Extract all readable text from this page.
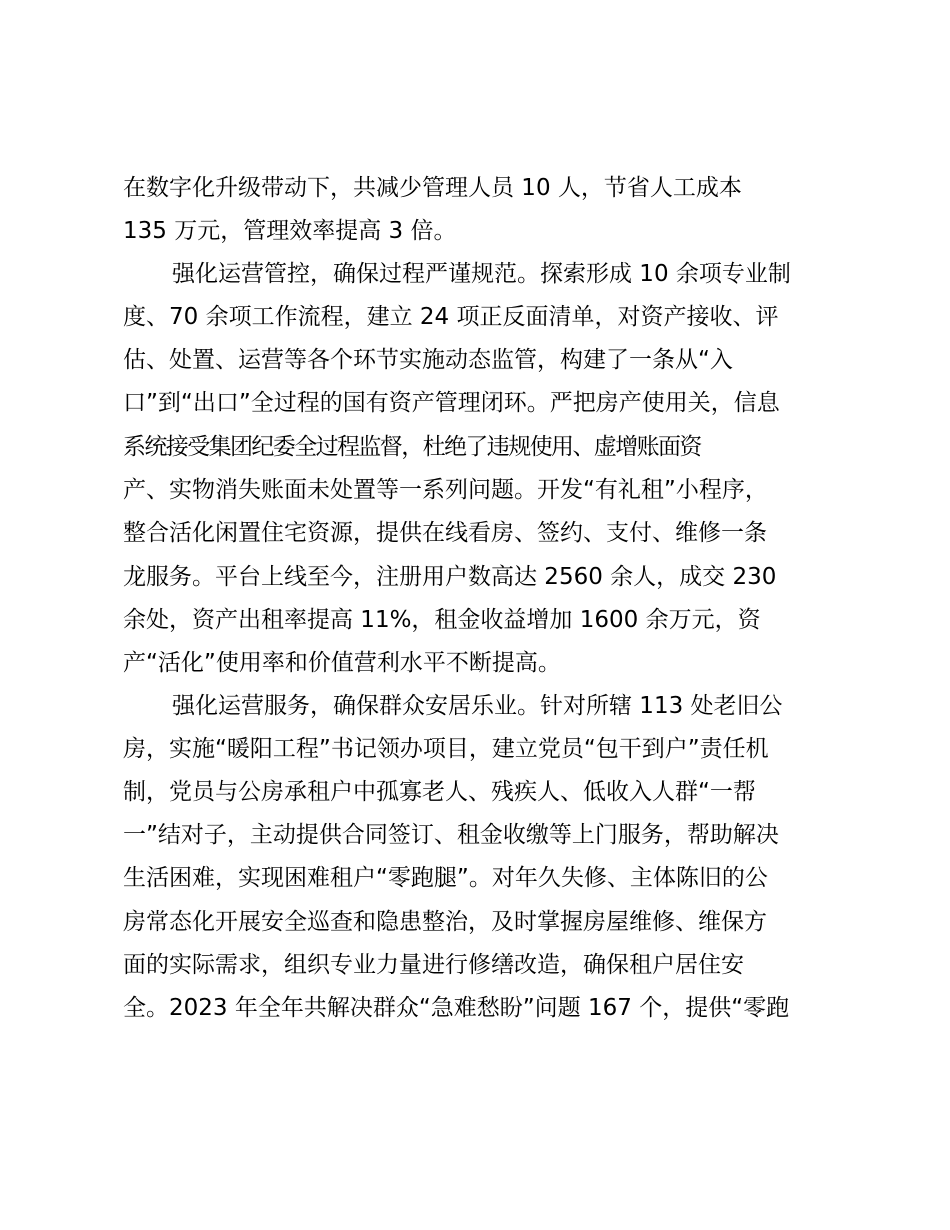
在数字化升级带动下，共减少管理人员 10 人，节省人工成本
135 万元，管理效率提高 3 倍。
强化运营管控，确保过程严谨规范。探索形成 10 余项专业制
度、70 余项工作流程，建立 24 项正反面清单，对资产接收、评
估、处置、运营等各个环节实施动态监管，构建了一条从“入
口”到“出口”全过程的国有资产管理闭环。严把房产使用关，信息
系统接受集团纪委全过程监督，杜绝了违规使用、虚增账面资
产、实物消失账面未处置等一系列问题。开发“有礼租”小程序，
整合活化闲置住宅资源，提供在线看房、签约、支付、维修一条
龙服务。平台上线至今，注册用户数高达 2560 余人，成交 230
余处，资产出租率提高 11%，租金收益增加 1600 余万元，资
产“活化”使用率和价值营利水平不断提高。
强化运营服务，确保群众安居乐业。针对所辖 113 处老旧公
房，实施“暖阳工程”书记领办项目，建立党员“包干到户”责任机
制，党员与公房承租户中孤寡老人、残疾人、低收入人群“一帮
一”结对子，主动提供合同签订、租金收缴等上门服务，帮助解决
生活困难，实现困难租户“零跑腿”。对年久失修、主体陈旧的公
房常态化开展安全巡查和隐患整治，及时掌握房屋维修、维保方
面的实际需求，组织专业力量进行修缮改造，确保租户居住安
全。2023 年全年共解决群众“急难愁盼”问题 167 个，提供“零跑
